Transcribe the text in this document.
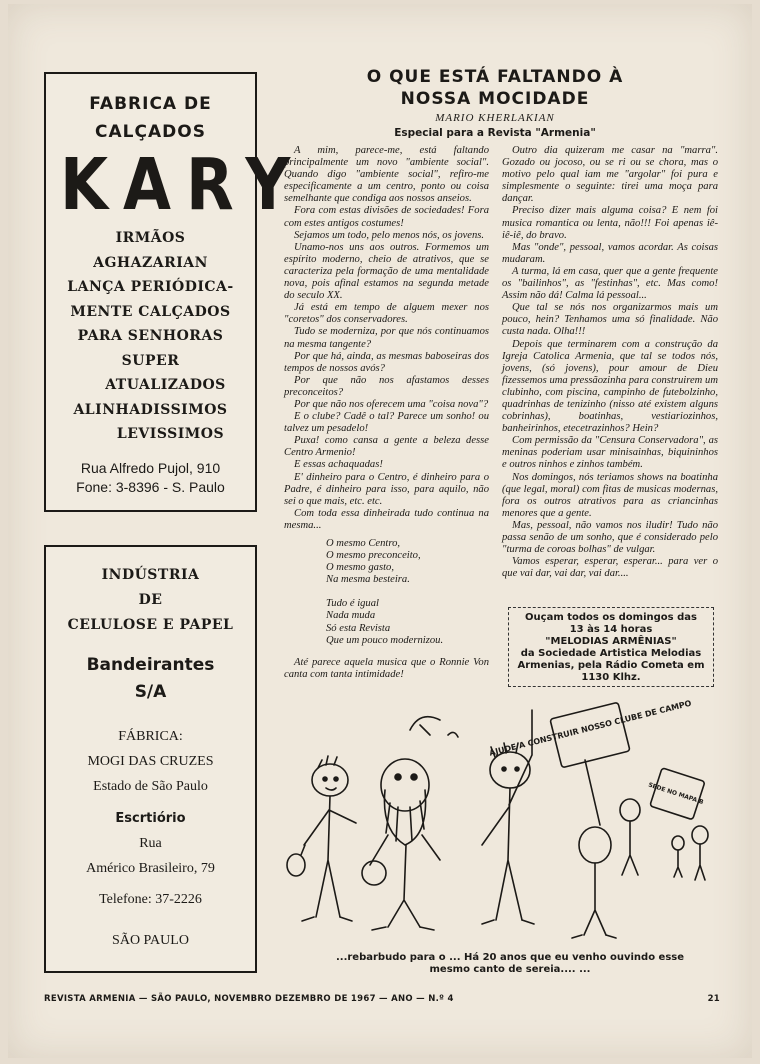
FABRICA DE
CALÇADOS
KARY
IRMÃOS
AGHAZARIAN
LANÇA PERIÓDICA-
MENTE CALÇADOS
PARA SENHORAS
SUPER
ATUALIZADOS
ALINHADISSIMOS
LEVISSIMOS
Rua Alfredo Pujol, 910
Fone: 3-8396 - S. Paulo
INDÚSTRIA
DE
CELULOSE E PAPEL
Bandeirantes
S/A
FÁBRICA:
MOGI DAS CRUZES
Estado de São Paulo
Escrtiório
Rua
Américo Brasileiro, 79
Telefone: 37-2226
SÃO PAULO
O QUE ESTÁ FALTANDO À
NOSSA MOCIDADE
MARIO KHERLAKIAN
Especial para a Revista "Armenia"

A mim, parece-me, está faltando principalmente um novo "ambiente social". Quando digo "ambiente social", refiro-me especificamente a um centro, ponto ou coisa semelhante que condiga aos nossos anseios.

Fora com estas divisões de sociedades! Fora com estes antigos costumes!

Sejamos um todo, pelo menos nós, os jovens.

Unamo-nos uns aos outros. Formemos um espírito moderno, cheio de atrativos, que se caracteriza pela formação de uma mentalidade nova, pois afinal estamos na segunda metade do seculo XX.

Já está em tempo de alguem mexer nos "coretos" dos conservadores.

Tudo se moderniza, por que nós continuamos na mesma tangente?

Por que há, ainda, as mesmas baboseiras dos tempos de nossos avós?

Por que não nos afastamos desses preconceitos?

Por que não nos oferecem uma "coisa nova"?

E o clube? Cadê o tal? Parece um sonho! ou talvez um pesadelo!

Puxa! como cansa a gente a beleza desse Centro Armenio!

E essas achaquadas!

E' dinheiro para o Centro, é dinheiro para o Padre, é dinheiro para isso, para aquilo, não sei o que mais, etc. etc.

Com toda essa dinheirada tudo continua na mesma...

O mesmo Centro,

O mesmo preconceito,

O mesmo gasto,

Na mesma besteira.

Tudo é igual

Nada muda

Só esta Revista

Que um pouco modernizou.

Até parece aquela musica que o Ronnie Von canta com tanta intimidade!

Outro dia quizeram me casar na "marra". Gozado ou jocoso, ou se ri ou se chora, mas o motivo pelo qual iam me "argolar" foi pura e simplesmente o seguinte: tirei uma moça para dançar.

Preciso dizer mais alguma coisa? E nem foi musica romantica ou lenta, não!!! Foi apenas iê-iê-iê, do bravo.

Mas "onde", pessoal, vamos acordar. As coisas mudaram.

A turma, lá em casa, quer que a gente frequente os "bailinhos", as "festinhas", etc. Mas como! Assim não dá! Calma lá pessoal...

Que tal se nós nos organizarmos mais um pouco, hein? Tenhamos uma só finalidade. Não custa nada. Olha!!!

Depois que terminarem com a construção da Igreja Catolica Armenia, que tal se todos nós, jovens, (só jovens), pour amour de Dieu fizessemos uma pressãozinha para construirem um clubinho, com piscina, campinho de futebolzinho, quadrinhas de tenizinho (nisso até existem alguns cobrinhas), boatinhas, vestiariozinhos, banheirinhos, etecetrazinhos? Hein?

Com permissão da "Censura Conservadora", as meninas poderiam usar minisainhas, biquininhos e outros ninhos e zinhos também.

Nos domingos, nós teriamos shows na boatinha (que legal, moral) com fitas de musicas modernas, fora os outros atrativos para as criancinhas menores que a gente.

Mas, pessoal, não vamos nos iludir! Tudo não passa senão de um sonho, que é considerado pelo "turma de coroas bolhas" de vulgar.

Vamos esperar, esperar, esperar... para ver o que vai dar, vai dar, vai dar....

Ouçam todos os domingos das
13 às 14 horas
"MELODIAS ARMÊNIAS"
da Sociedade Artistica Melodias
Armenias, pela Rádio Cometa em
1130 Klhz.
AJUDE A CONSTRUIR NOSSO CLUBE DE CAMPO
SEDE NO MAPA B
...rebarbudo para o ... Há 20 anos que eu venho ouvindo esse
mesmo canto de sereia.... ...
REVISTA ARMENIA — SÃO PAULO, NOVEMBRO DEZEMBRO DE 1967 — ANO — N.º 4	21
